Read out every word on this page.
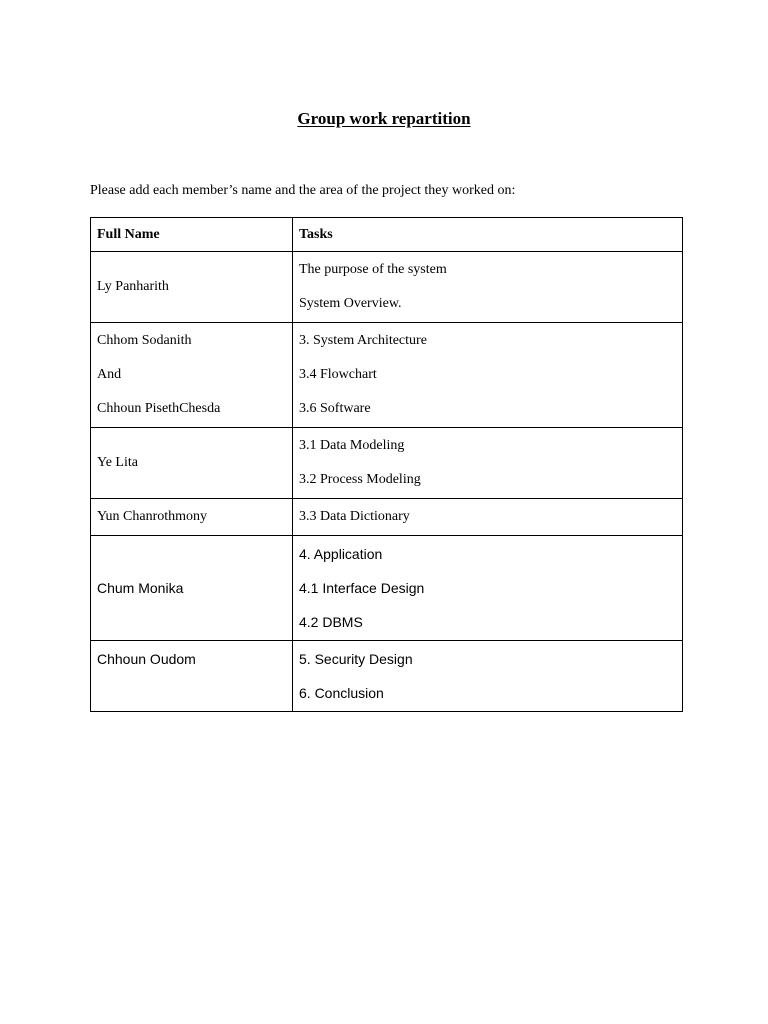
Group work repartition
Please add each member’s name and the area of the project they worked on:
Full Name	Tasks

Ly Panharith	The purpose of the system
System Overview.

Chhom Sodanith
And
Chhoun PisethChesda	3. System Architecture
3.4 Flowchart
3.6 Software

Ye Lita	3.1 Data Modeling
3.2 Process Modeling

Yun Chanrothmony	3.3 Data Dictionary

Chum Monika	4. Application
4.1 Interface Design
4.2 DBMS

Chhoun Oudom	5. Security Design
6. Conclusion
